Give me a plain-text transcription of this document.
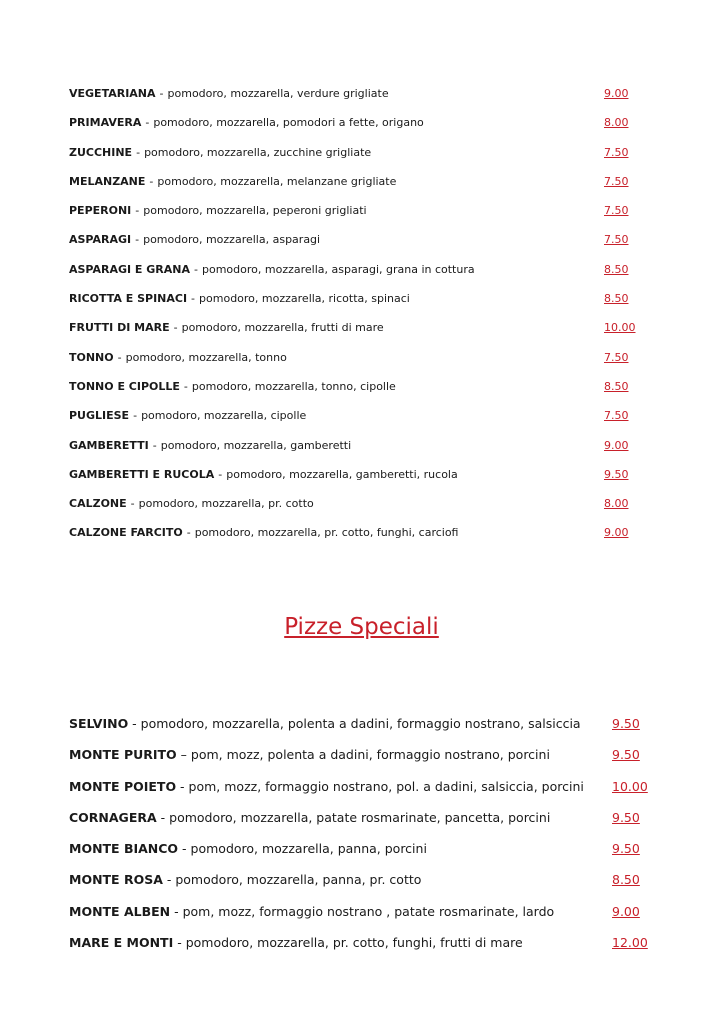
VEGETARIANA - pomodoro, mozzarella, verdure grigliate	9.00
PRIMAVERA - pomodoro, mozzarella, pomodori a fette, origano	8.00
ZUCCHINE - pomodoro, mozzarella, zucchine grigliate	7.50
MELANZANE - pomodoro, mozzarella, melanzane grigliate	7.50
PEPERONI - pomodoro, mozzarella, peperoni grigliati	7.50
ASPARAGI - pomodoro, mozzarella, asparagi	7.50
ASPARAGI E GRANA - pomodoro, mozzarella, asparagi, grana in cottura	8.50
RICOTTA E SPINACI - pomodoro, mozzarella, ricotta, spinaci	8.50
FRUTTI DI MARE - pomodoro, mozzarella, frutti di mare	10.00
TONNO - pomodoro, mozzarella, tonno	7.50
TONNO E CIPOLLE - pomodoro, mozzarella, tonno, cipolle	8.50
PUGLIESE - pomodoro, mozzarella, cipolle	7.50
GAMBERETTI - pomodoro, mozzarella, gamberetti	9.00
GAMBERETTI E RUCOLA - pomodoro, mozzarella, gamberetti, rucola	9.50
CALZONE - pomodoro, mozzarella, pr. cotto	8.00
CALZONE FARCITO - pomodoro, mozzarella, pr. cotto, funghi, carciofi	9.00
Pizze Speciali
SELVINO - pomodoro, mozzarella, polenta a dadini, formaggio nostrano, salsiccia	9.50
MONTE PURITO – pom, mozz, polenta a dadini, formaggio nostrano, porcini	9.50
MONTE POIETO - pom, mozz, formaggio nostrano, pol. a dadini, salsiccia, porcini 10.00
CORNAGERA - pomodoro, mozzarella, patate rosmarinate, pancetta, porcini	9.50
MONTE BIANCO - pomodoro, mozzarella, panna, porcini	9.50
MONTE ROSA - pomodoro, mozzarella, panna, pr. cotto	8.50
MONTE ALBEN - pom, mozz, formaggio nostrano , patate rosmarinate, lardo	9.00
MARE E MONTI - pomodoro, mozzarella, pr. cotto, funghi, frutti di mare	12.00
